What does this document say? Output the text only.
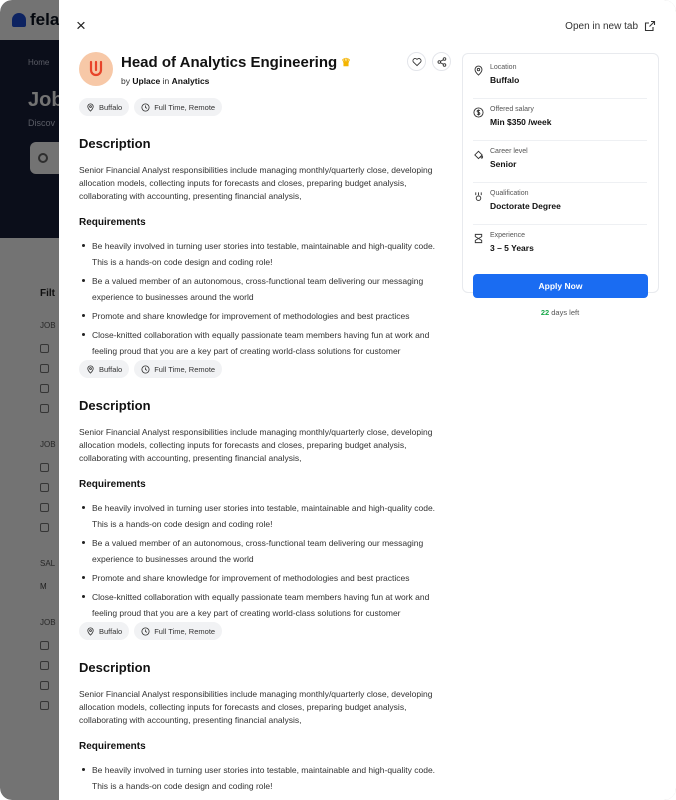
×	Open in new tab
Head of Analytics Engineering ♛
by Uplace in Analytics
Buffalo	Full Time, Remote
Description
Senior Financial Analyst responsibilities include managing monthly/quarterly close, developing allocation models, collecting inputs for forecasts and closes, preparing budget analysis, collaborating with accounting, presenting financial analysis,
Requirements
Be heavily involved in turning user stories into testable, maintainable and high-quality code. This is a hands-on code design and coding role!
Be a valued member of an autonomous, cross-functional team delivering our messaging experience to businesses around the world
Promote and share knowledge for improvement of methodologies and best practices
Close-knitted collaboration with equally passionate team members having fun at work and feeling proud that you are a key part of creating world-class solutions for customer
Buffalo	Full Time, Remote
Description
Senior Financial Analyst responsibilities include managing monthly/quarterly close, developing allocation models, collecting inputs for forecasts and closes, preparing budget analysis, collaborating with accounting, presenting financial analysis,
Requirements
Be heavily involved in turning user stories into testable, maintainable and high-quality code. This is a hands-on code design and coding role!
Be a valued member of an autonomous, cross-functional team delivering our messaging experience to businesses around the world
Promote and share knowledge for improvement of methodologies and best practices
Close-knitted collaboration with equally passionate team members having fun at work and feeling proud that you are a key part of creating world-class solutions for customer
Buffalo	Full Time, Remote
Description
Senior Financial Analyst responsibilities include managing monthly/quarterly close, developing allocation models, collecting inputs for forecasts and closes, preparing budget analysis, collaborating with accounting, presenting financial analysis,
Requirements
Be heavily involved in turning user stories into testable, maintainable and high-quality code. This is a hands-on code design and coding role!
Location
Buffalo
Offered salary
Min $350 /week
Career level
Senior
Qualification
Doctorate Degree
Experience
3 – 5 Years
Apply Now
22 days left
